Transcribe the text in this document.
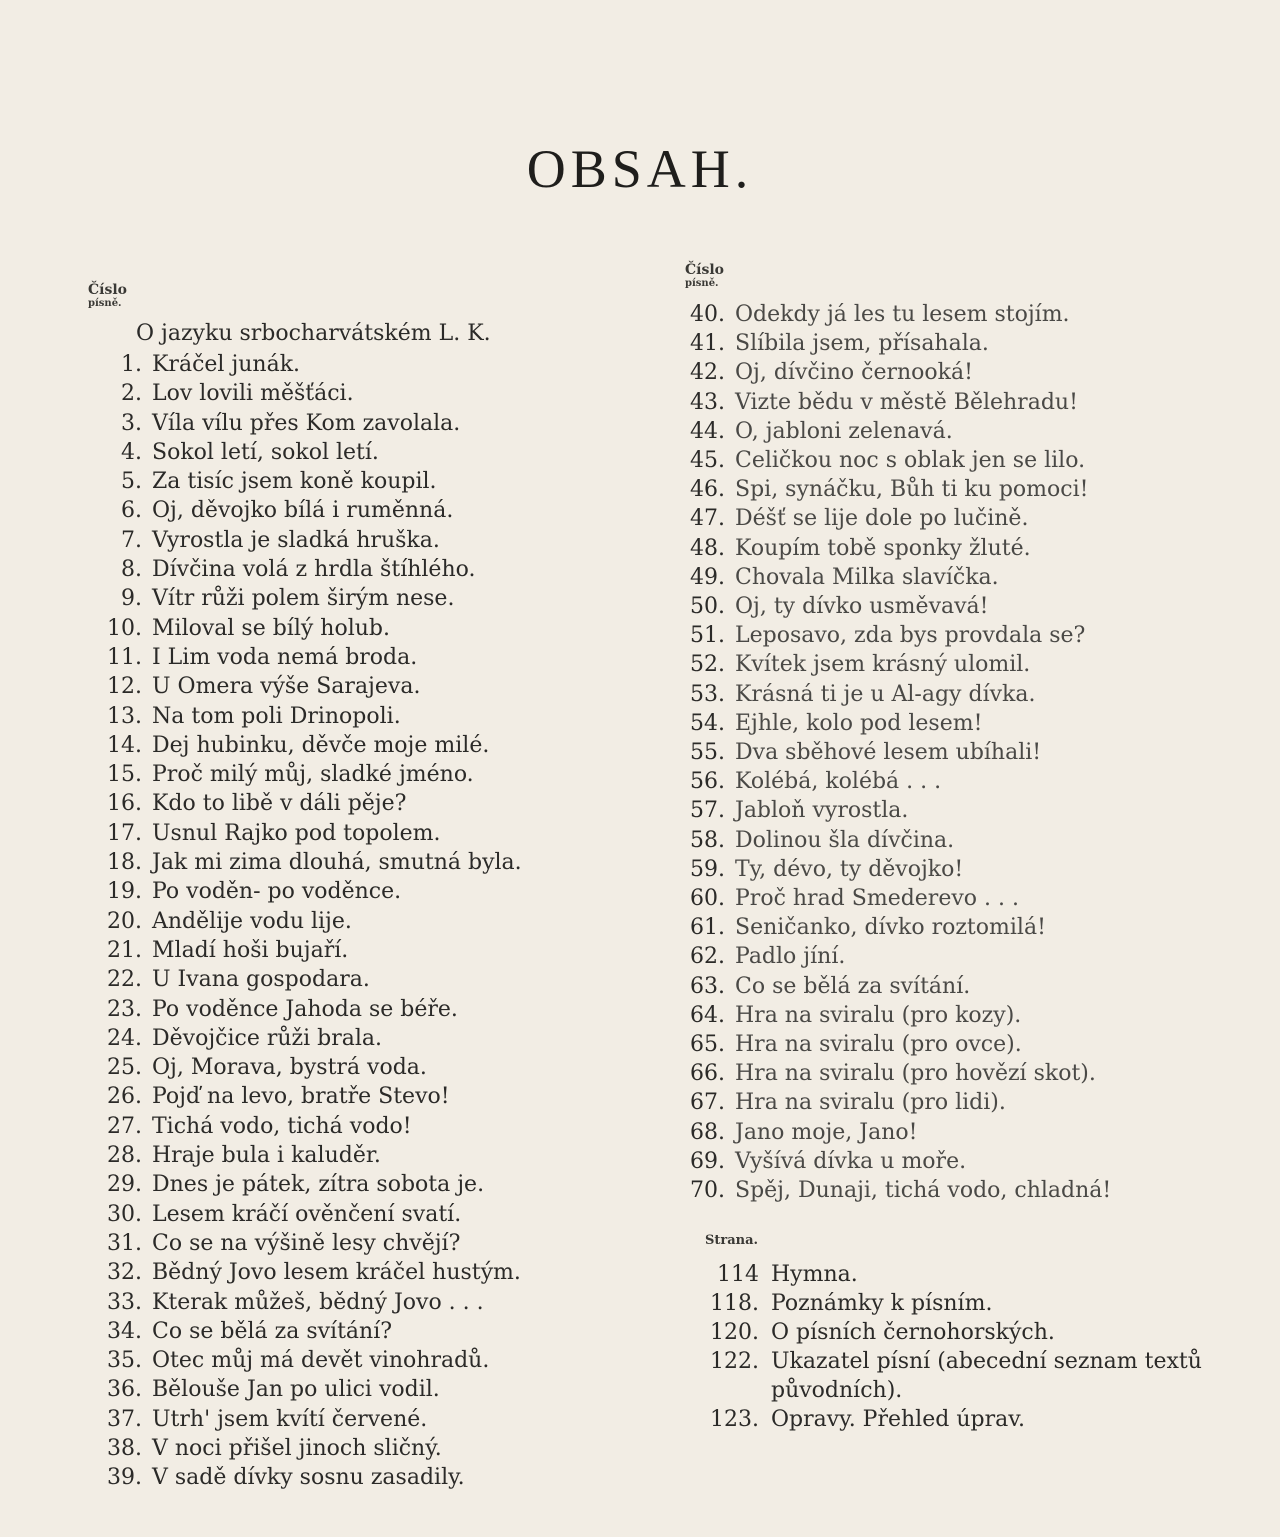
OBSAH.
Číslo
písně.
O jazyku srbocharvátském L. K.
1. Kráčel junák.
2. Lov lovili měšťáci.
3. Víla vílu přes Kom zavolala.
4. Sokol letí, sokol letí.
5. Za tisíc jsem koně koupil.
6. Oj, děvojko bílá i ruměnná.
7. Vyrostla je sladká hruška.
8. Dívčina volá z hrdla štíhlého.
9. Vítr růži polem širým nese.
10. Miloval se bílý holub.
11. I Lim voda nemá broda.
12. U Omera výše Sarajeva.
13. Na tom poli Drinopoli.
14. Dej hubinku, děvče moje milé.
15. Proč milý můj, sladké jméno.
16. Kdo to libě v dáli pěje?
17. Usnul Rajko pod topolem.
18. Jak mi zima dlouhá, smutná byla.
19. Po voděn- po voděnce.
20. Andělije vodu lije.
21. Mladí hoši bujaří.
22. U Ivana gospodara.
23. Po voděnce Jahoda se béře.
24. Děvojčice růži brala.
25. Oj, Morava, bystrá voda.
26. Pojď na levo, bratře Stevo!
27. Tichá vodo, tichá vodo!
28. Hraje bula i kaluděr.
29. Dnes je pátek, zítra sobota je.
30. Lesem kráčí ověnčení svatí.
31. Co se na výšině lesy chvějí?
32. Bědný Jovo lesem kráčel hustým.
33. Kterak můžeš, bědný Jovo . . .
34. Co se bělá za svítání?
35. Otec můj má devět vinohradů.
36. Bělouše Jan po ulici vodil.
37. Utrh' jsem kvítí červené.
38. V noci přišel jinoch sličný.
39. V sadě dívky sosnu zasadily.
Číslo
písně.
40. Odekdy já les tu lesem stojím.
41. Slíbila jsem, přísahala.
42. Oj, dívčino černooká!
43. Vizte bědu v městě Bělehradu!
44. O, jabloni zelenavá.
45. Celičkou noc s oblak jen se lilo.
46. Spi, synáčku, Bůh ti ku pomoci!
47. Déšť se lije dole po lučině.
48. Koupím tobě sponky žluté.
49. Chovala Milka slavíčka.
50. Oj, ty dívko usměvavá!
51. Leposavo, zda bys provdala se?
52. Kvítek jsem krásný ulomil.
53. Krásná ti je u Al-agy dívka.
54. Ejhle, kolo pod lesem!
55. Dva sběhové lesem ubíhali!
56. Kolébá, kolébá . . .
57. Jabloň vyrostla.
58. Dolinou šla dívčina.
59. Ty, dévo, ty děvojko!
60. Proč hrad Smederevo . . .
61. Seničanko, dívko roztomilá!
62. Padlo jíní.
63. Co se bělá za svítání.
64. Hra na sviralu (pro kozy).
65. Hra na sviralu (pro ovce).
66. Hra na sviralu (pro hovězí skot).
67. Hra na sviralu (pro lidi).
68. Jano moje, Jano!
69. Vyšívá dívka u moře.
70. Spěj, Dunaji, tichá vodo, chladná!
Strana.
114 Hymna.
118. Poznámky k písním.
120. O písních černohorských.
122. Ukazatel písní (abecední seznam textů původních).
123. Opravy. Přehled úprav.
